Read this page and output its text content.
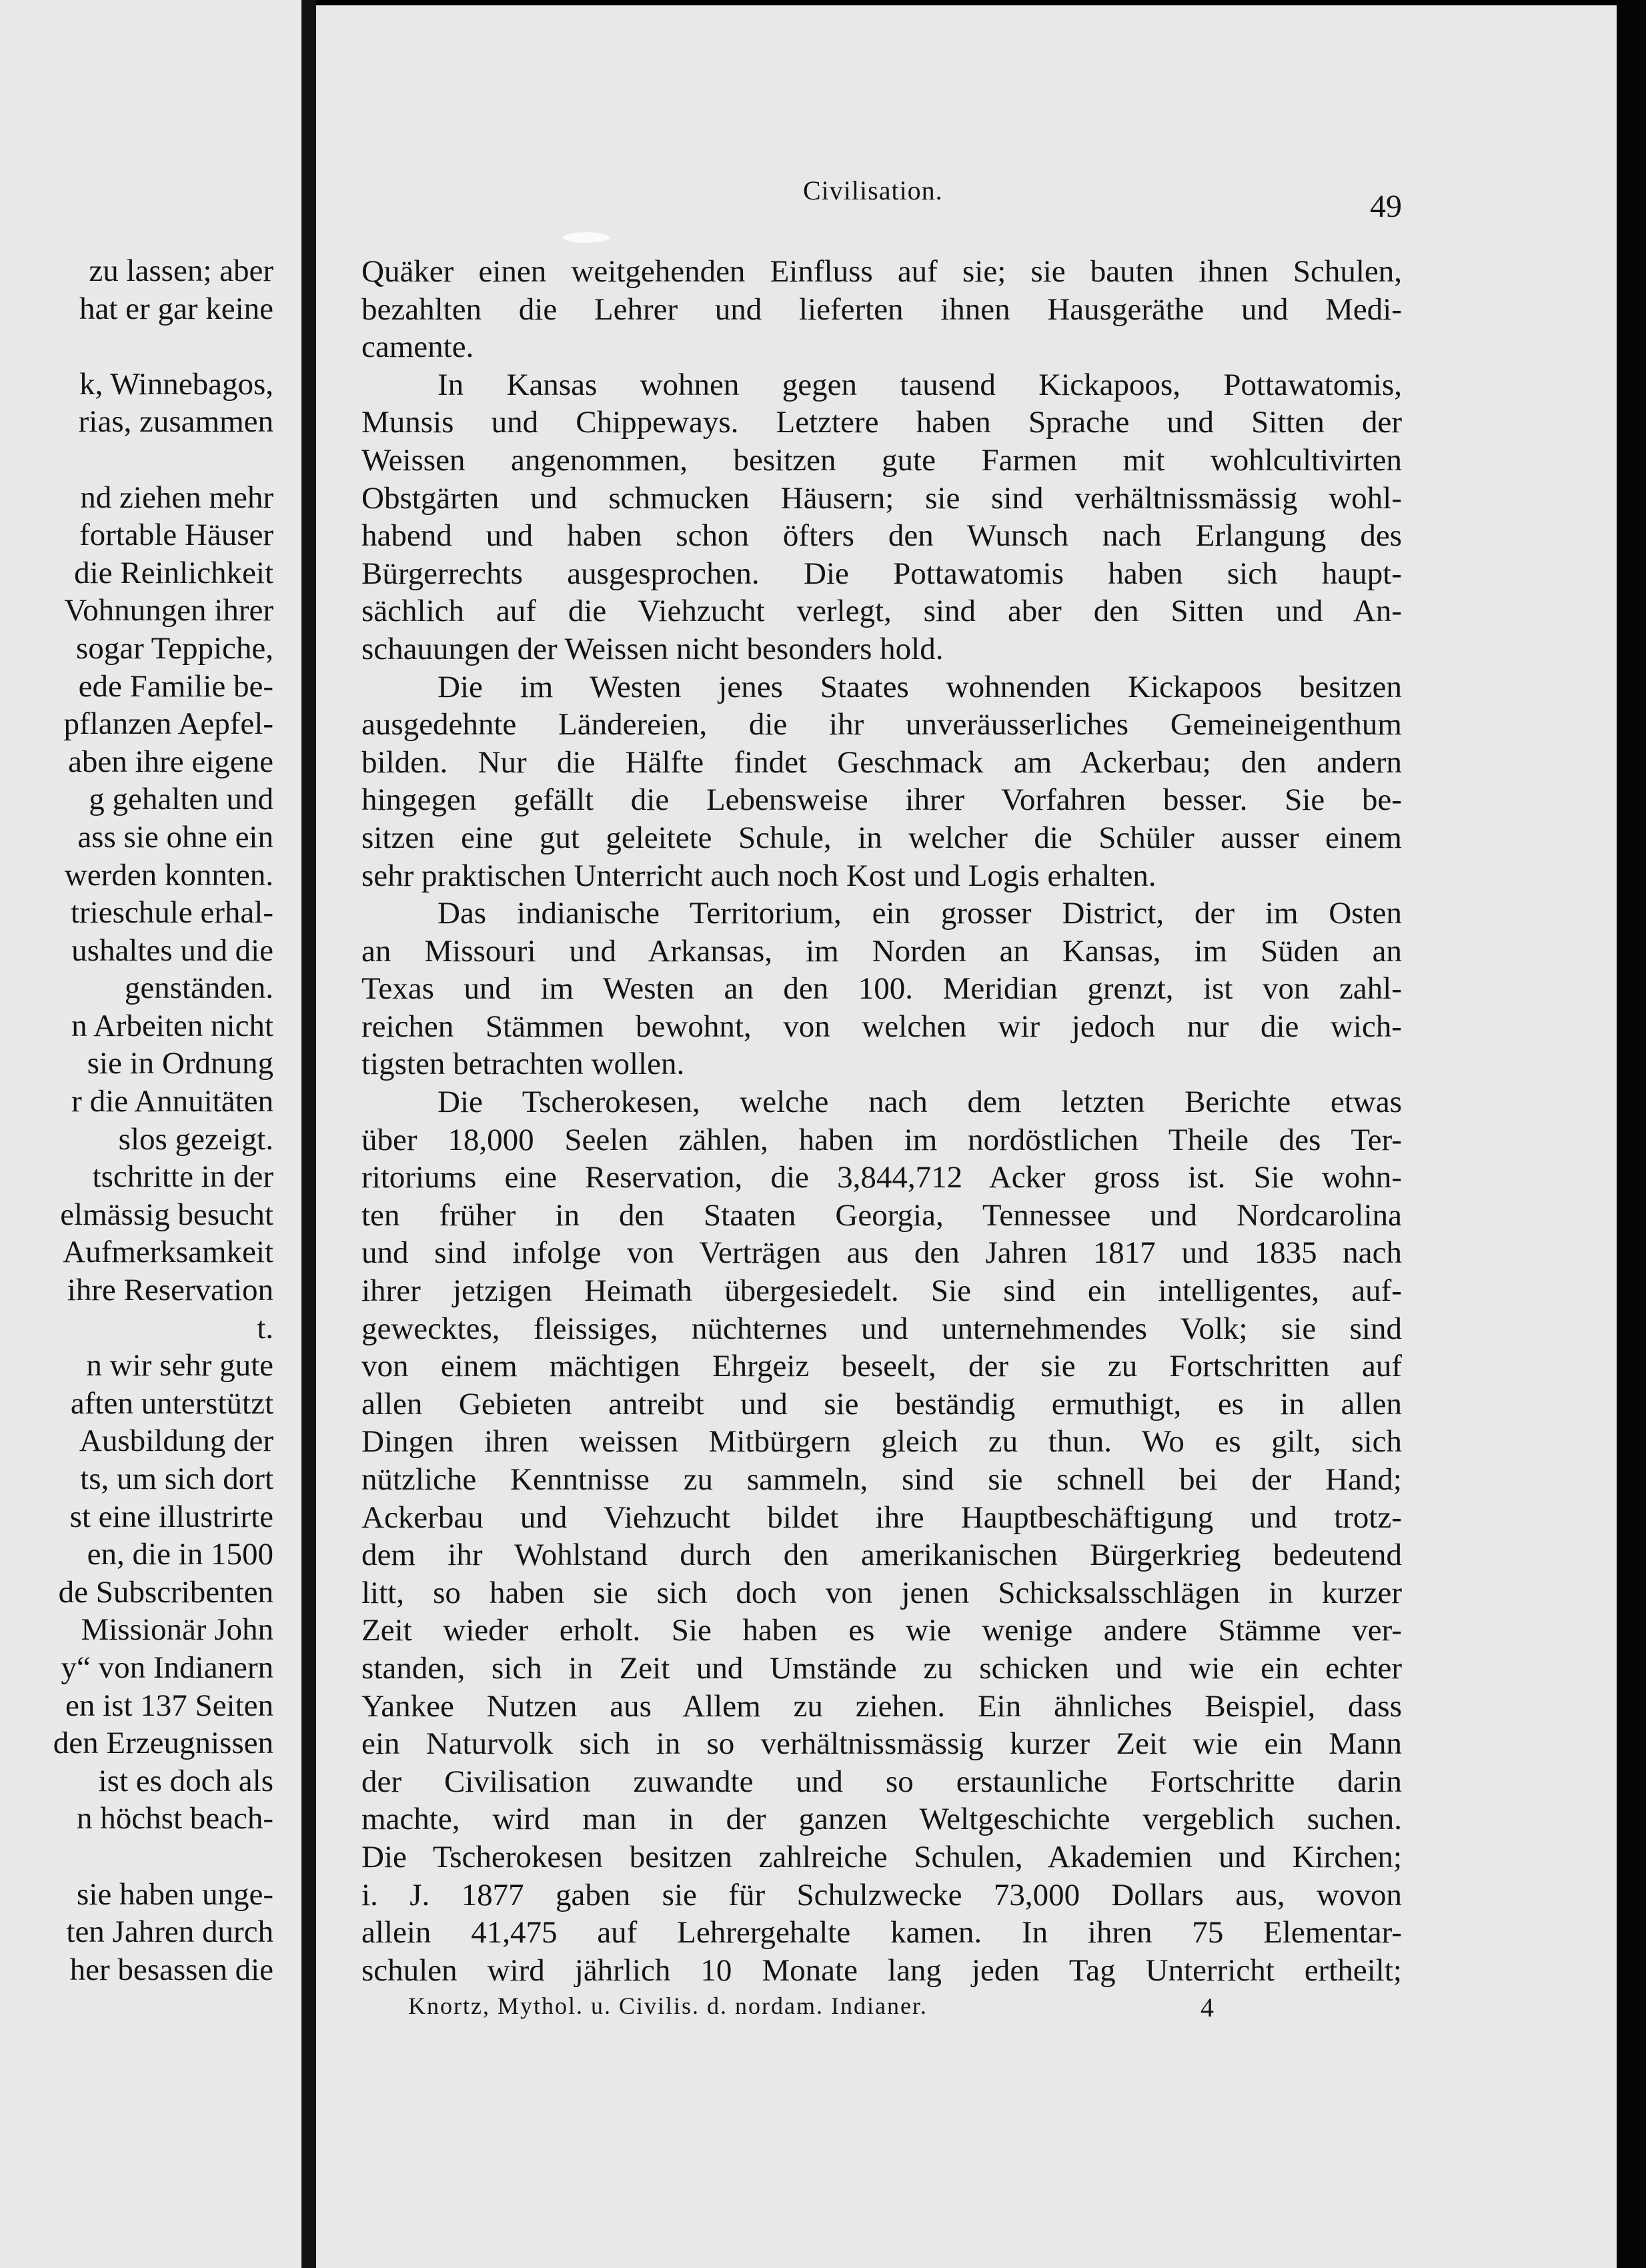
zu lassen; aber
hat er gar keine
k, Winnebagos,
rias, zusammen
nd ziehen mehr
fortable Häuser
die Reinlichkeit
Vohnungen ihrer
sogar Teppiche,
ede Familie be-
pflanzen Aepfel-
aben ihre eigene
g gehalten und
ass sie ohne ein
werden konnten.
trieschule erhal-
ushaltes und die
genständen.
n Arbeiten nicht
sie in Ordnung
r die Annuitäten
slos gezeigt.
tschritte in der
elmässig besucht
Aufmerksamkeit
ihre Reservation
t.
n wir sehr gute
aften unterstützt
Ausbildung der
ts, um sich dort
st eine illustrirte
en, die in 1500
de Subscribenten
Missionär John
y“ von Indianern
en ist 137 Seiten
den Erzeugnissen
ist es doch als
n höchst beach-
sie haben unge-
ten Jahren durch
her besassen die
Civilisation.	49
Quäker einen weitgehenden Einfluss auf sie; sie bauten ihnen Schulen,
bezahlten die Lehrer und lieferten ihnen Hausgeräthe und Medi-
camente.
In Kansas wohnen gegen tausend Kickapoos, Pottawatomis,
Munsis und Chippeways. Letztere haben Sprache und Sitten der
Weissen angenommen, besitzen gute Farmen mit wohlcultivirten
Obstgärten und schmucken Häusern; sie sind verhältnissmässig wohl-
habend und haben schon öfters den Wunsch nach Erlangung des
Bürgerrechts ausgesprochen. Die Pottawatomis haben sich haupt-
sächlich auf die Viehzucht verlegt, sind aber den Sitten und An-
schauungen der Weissen nicht besonders hold.
Die im Westen jenes Staates wohnenden Kickapoos besitzen
ausgedehnte Ländereien, die ihr unveräusserliches Gemeineigenthum
bilden. Nur die Hälfte findet Geschmack am Ackerbau; den andern
hingegen gefällt die Lebensweise ihrer Vorfahren besser. Sie be-
sitzen eine gut geleitete Schule, in welcher die Schüler ausser einem
sehr praktischen Unterricht auch noch Kost und Logis erhalten.
Das indianische Territorium, ein grosser District, der im Osten
an Missouri und Arkansas, im Norden an Kansas, im Süden an
Texas und im Westen an den 100. Meridian grenzt, ist von zahl-
reichen Stämmen bewohnt, von welchen wir jedoch nur die wich-
tigsten betrachten wollen.
Die Tscherokesen, welche nach dem letzten Berichte etwas
über 18,000 Seelen zählen, haben im nordöstlichen Theile des Ter-
ritoriums eine Reservation, die 3,844,712 Acker gross ist. Sie wohn-
ten früher in den Staaten Georgia, Tennessee und Nordcarolina
und sind infolge von Verträgen aus den Jahren 1817 und 1835 nach
ihrer jetzigen Heimath übergesiedelt. Sie sind ein intelligentes, auf-
geweckte​s, fleissiges, nüchternes und unternehmendes Volk; sie sind
von einem mächtigen Ehrgeiz beseelt, der sie zu Fortschritten auf
allen Gebieten antreibt und sie beständig ermuthigt, es in allen
Dingen ihren weissen Mitbürgern gleich zu thun. Wo es gilt, sich
nützliche Kenntnisse zu sammeln, sind sie schnell bei der Hand;
Ackerbau und Viehzucht bildet ihre Hauptbeschäftigung und trotz-
dem ihr Wohlstand durch den amerikanischen Bürgerkrieg bedeutend
litt, so haben sie sich doch von jenen Schicksalsschlägen in kurzer
Zeit wieder erholt. Sie haben es wie wenige andere Stämme ver-
standen, sich in Zeit und Umstände zu schicken und wie ein echter
Yankee Nutzen aus Allem zu ziehen. Ein ähnliches Beispiel, dass
ein Naturvolk sich in so verhältnissmässig kurzer Zeit wie ein Mann
der Civilisation zuwandte und so erstaunliche Fortschritte darin
machte, wird man in der ganzen Weltgeschichte vergeblich suchen.
Die Tscherokesen besitzen zahlreiche Schulen, Akademien und Kirchen;
i. J. 1877 gaben sie für Schulzwecke 73,000 Dollars aus, wovon
allein 41,475 auf Lehrergehalte kamen. In ihren 75 Elementar-
schulen wird jährlich 10 Monate lang jeden Tag Unterricht ertheilt;
Knortz, Mythol. u. Civilis. d. nordam. Indianer.	4
